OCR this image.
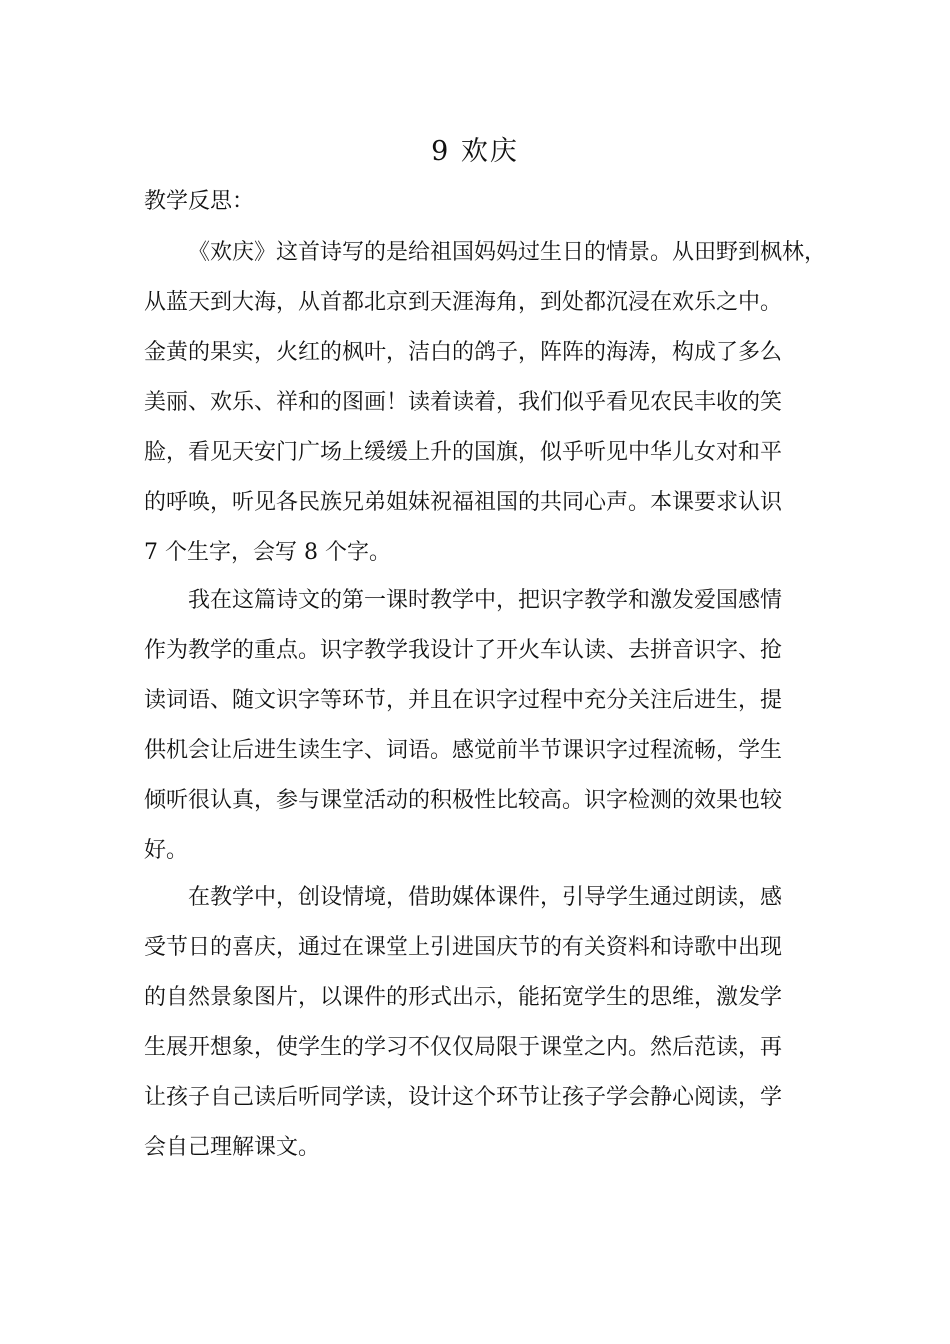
9 欢庆

教学反思：

《欢庆》这首诗写的是给祖国妈妈过生日的情景。从田野到枫林，
从蓝天到大海，从首都北京到天涯海角，到处都沉浸在欢乐之中。
金黄的果实，火红的枫叶，洁白的鸽子，阵阵的海涛，构成了多么
美丽、欢乐、祥和的图画！读着读着，我们似乎看见农民丰收的笑
脸，看见天安门广场上缓缓上升的国旗，似乎听见中华儿女对和平
的呼唤，听见各民族兄弟姐妹祝福祖国的共同心声。本课要求认识
7 个生字，会写 8 个字。
我在这篇诗文的第一课时教学中，把识字教学和激发爱国感情
作为教学的重点。识字教学我设计了开火车认读、去拼音识字、抢
读词语、随文识字等环节，并且在识字过程中充分关注后进生，提
供机会让后进生读生字、词语。感觉前半节课识字过程流畅，学生
倾听很认真，参与课堂活动的积极性比较高。识字检测的效果也较
好。
在教学中，创设情境，借助媒体课件，引导学生通过朗读，感
受节日的喜庆，通过在课堂上引进国庆节的有关资料和诗歌中出现
的自然景象图片，以课件的形式出示，能拓宽学生的思维，激发学
生展开想象，使学生的学习不仅仅局限于课堂之内。然后范读，再
让孩子自己读后听同学读，设计这个环节让孩子学会静心阅读，学
会自己理解课文。
